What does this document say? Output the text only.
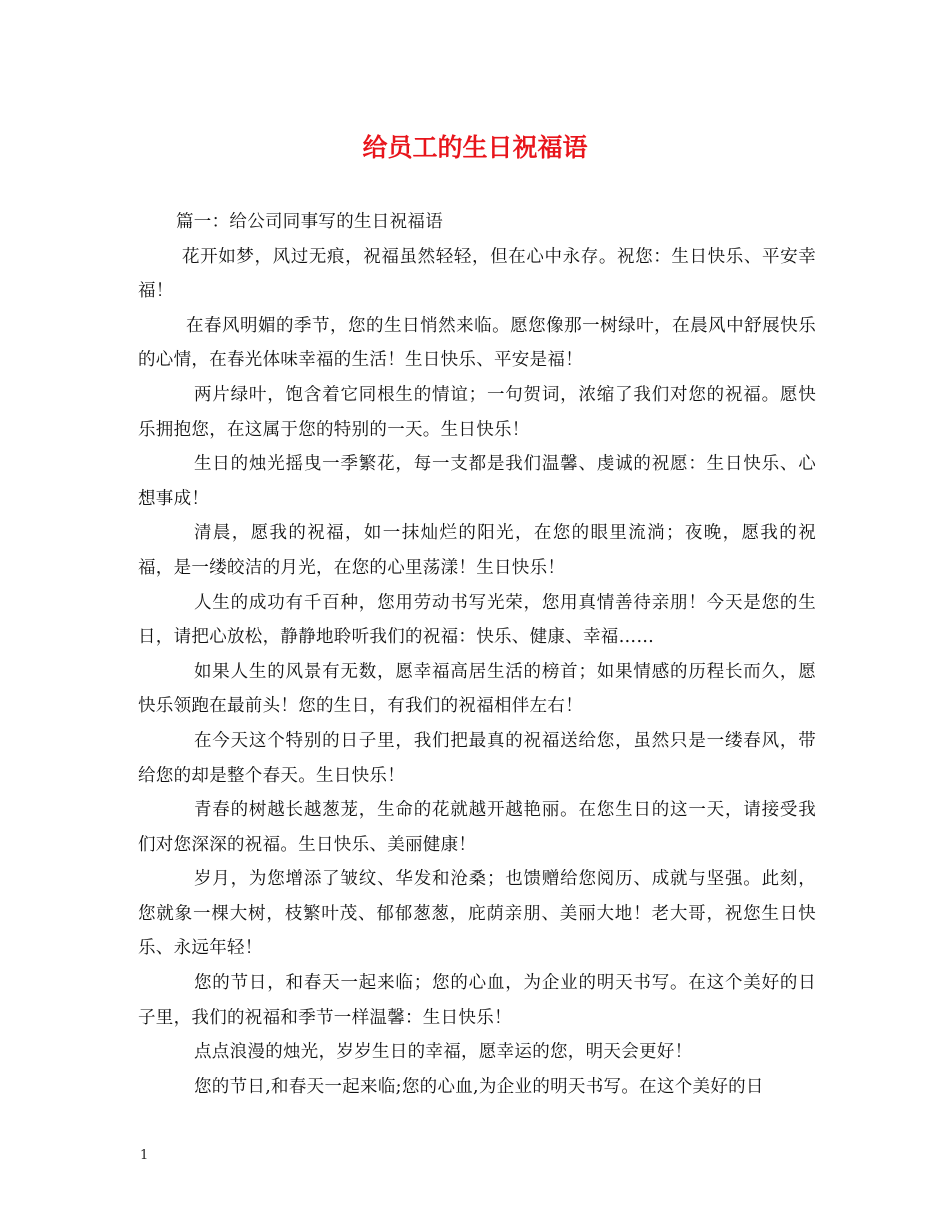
给员工的生日祝福语

篇一：给公司同事写的生日祝福语

花开如梦，风过无痕，祝福虽然轻轻，但在心中永存。祝您：生日快乐、平安幸福！

在春风明媚的季节，您的生日悄然来临。愿您像那一树绿叶，在晨风中舒展快乐的心情，在春光体味幸福的生活！生日快乐、平安是福！

两片绿叶，饱含着它同根生的情谊；一句贺词，浓缩了我们对您的祝福。愿快乐拥抱您，在这属于您的特别的一天。生日快乐！

生日的烛光摇曳一季繁花，每一支都是我们温馨、虔诚的祝愿：生日快乐、心想事成！

清晨，愿我的祝福，如一抹灿烂的阳光，在您的眼里流淌；夜晚，愿我的祝福，是一缕皎洁的月光，在您的心里荡漾！生日快乐！

人生的成功有千百种，您用劳动书写光荣，您用真情善待亲朋！今天是您的生日，请把心放松，静静地聆听我们的祝福：快乐、健康、幸福……

如果人生的风景有无数，愿幸福高居生活的榜首；如果情感的历程长而久，愿快乐领跑在最前头！您的生日，有我们的祝福相伴左右！

在今天这个特别的日子里，我们把最真的祝福送给您，虽然只是一缕春风，带给您的却是整个春天。生日快乐！

青春的树越长越葱茏，生命的花就越开越艳丽。在您生日的这一天，请接受我们对您深深的祝福。生日快乐、美丽健康！

岁月，为您增添了皱纹、华发和沧桑；也馈赠给您阅历、成就与坚强。此刻，您就象一棵大树，枝繁叶茂、郁郁葱葱，庇荫亲朋、美丽大地！老大哥，祝您生日快乐、永远年轻！

您的节日，和春天一起来临；您的心血，为企业的明天书写。在这个美好的日子里，我们的祝福和季节一样温馨：生日快乐！

点点浪漫的烛光，岁岁生日的幸福，愿幸运的您，明天会更好！

您的节日,和春天一起来临;您的心血,为企业的明天书写。在这个美好的日

1
